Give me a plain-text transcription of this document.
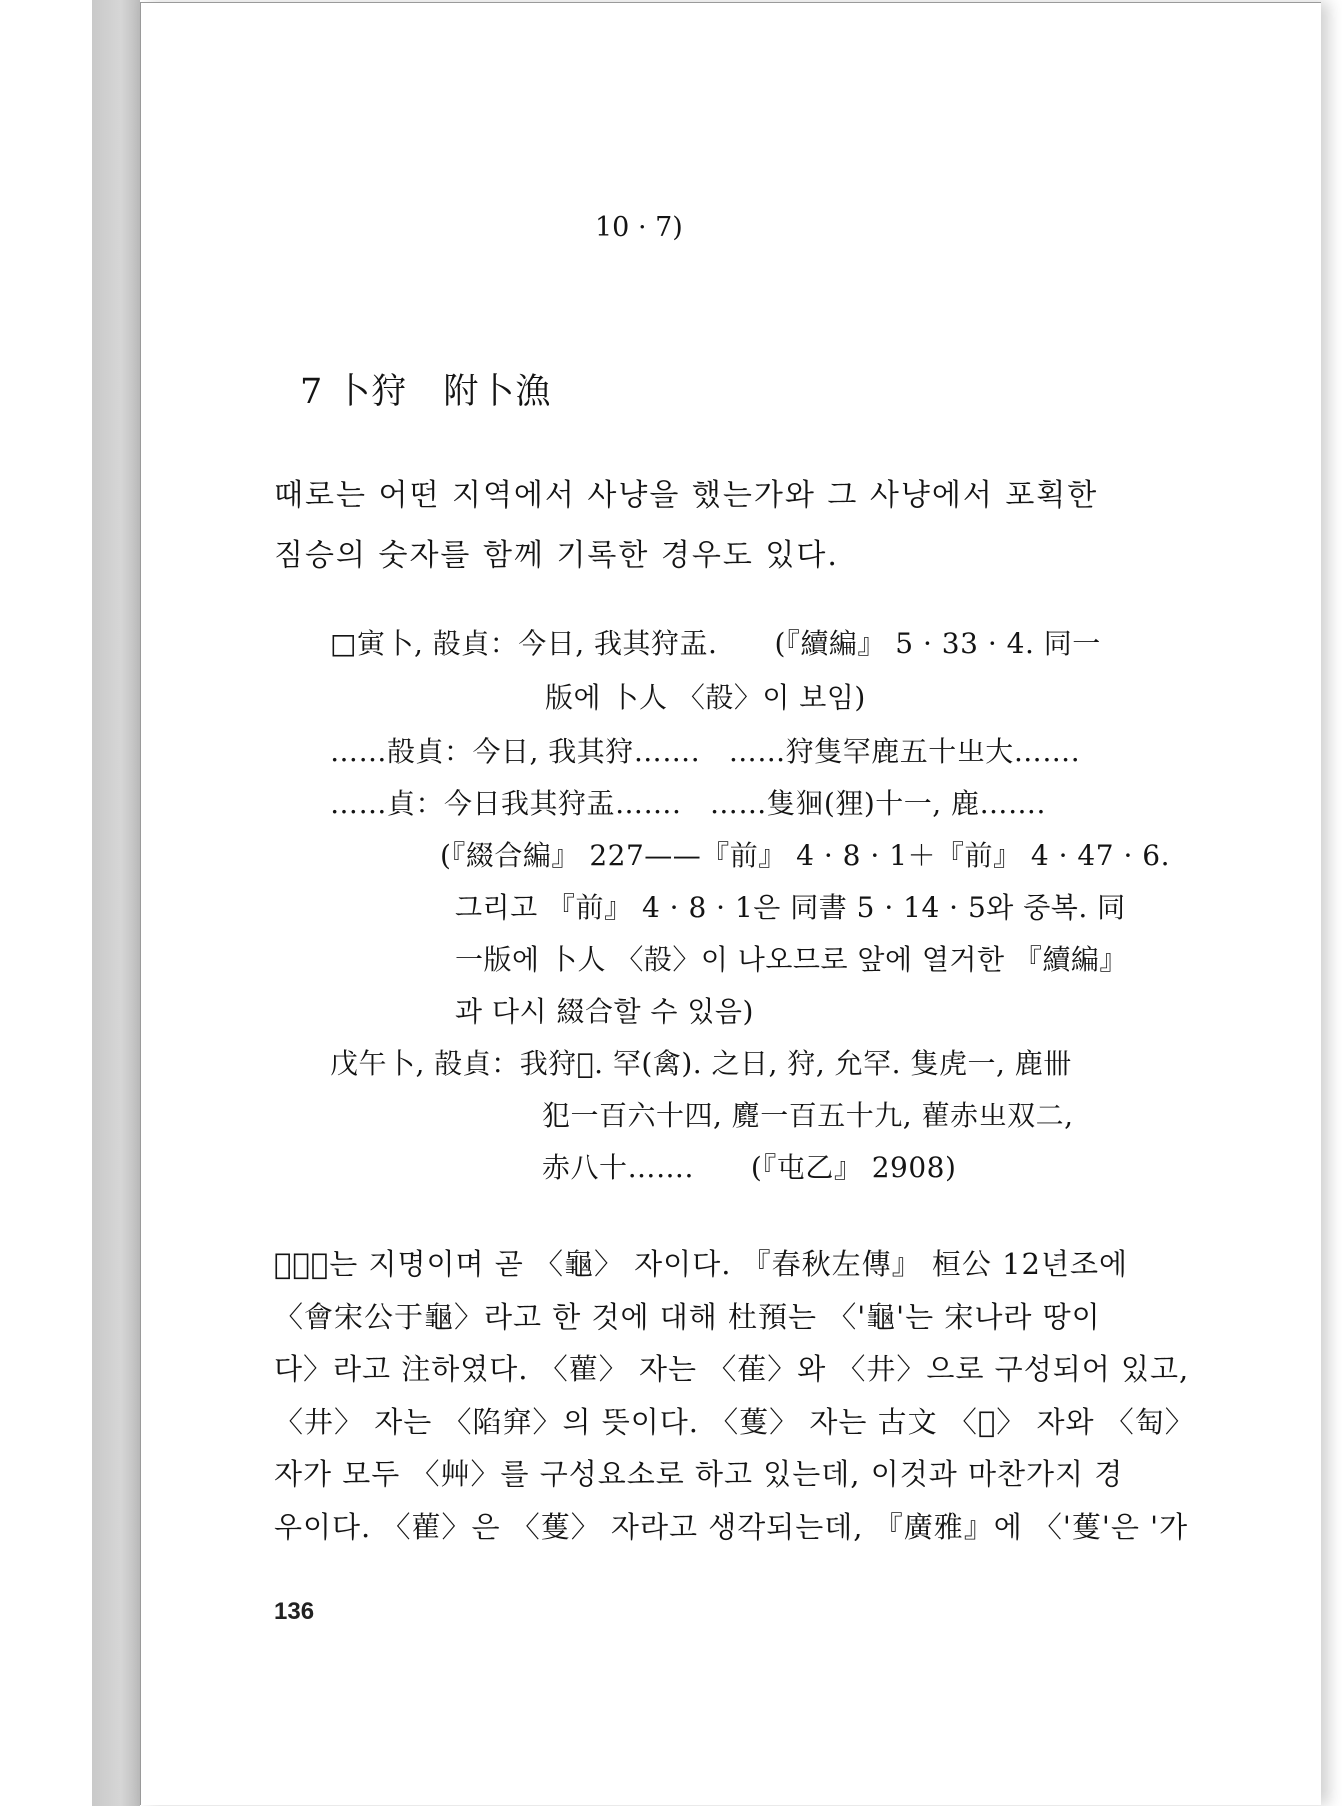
10 · 7)
7 卜狩　附卜漁
때로는 어떤 지역에서 사냥을 했는가와 그 사냥에서 포획한
짐승의 숫자를 함께 기록한 경우도 있다.
□寅卜, 㱿貞：今日, 我其狩盂.　　(『續編』 5 · 33 · 4. 同一
版에 卜人 〈㱿〉이 보임)
……㱿貞：今日, 我其狩…….　……狩隻罕鹿五十㞢大…….
……貞：今日我其狩盂…….　……隻𤞑(狸)十一, 鹿…….
(『綴合編』 227——『前』 4 · 8 · 1＋『前』 4 · 47 · 6.
그리고 『前』 4 · 8 · 1은 同書 5 · 14 · 5와 중복. 同
一版에 卜人 〈㱿〉이 나오므로 앞에 열거한 『續編』
과 다시 綴合할 수 있음)
戊午卜, 㱿貞：我狩𪚔. 罕(禽). 之日, 狩, 允罕. 隻虎一, 鹿卌
犯一百六十四, 麑一百五十九, 雚赤㞢双二,
赤八十…….　　(『屯乙』 2908)
〈𪚔〉는 지명이며 곧 〈龜〉 자이다. 『春秋左傳』 桓公 12년조에
〈會宋公于龜〉라고 한 것에 대해 杜預는 〈'龜'는 宋나라 땅이
다〉라고 注하였다. 〈雚〉 자는 〈萑〉와 〈井〉으로 구성되어 있고,
〈井〉 자는 〈陷穽〉의 뜻이다. 〈蒦〉 자는 古文 〈𨤯〉 자와 〈匋〉
자가 모두 〈艸〉를 구성요소로 하고 있는데, 이것과 마찬가지 경
우이다. 〈雚〉은 〈蒦〉 자라고 생각되는데, 『廣雅』에 〈'蒦'은 '가
136
